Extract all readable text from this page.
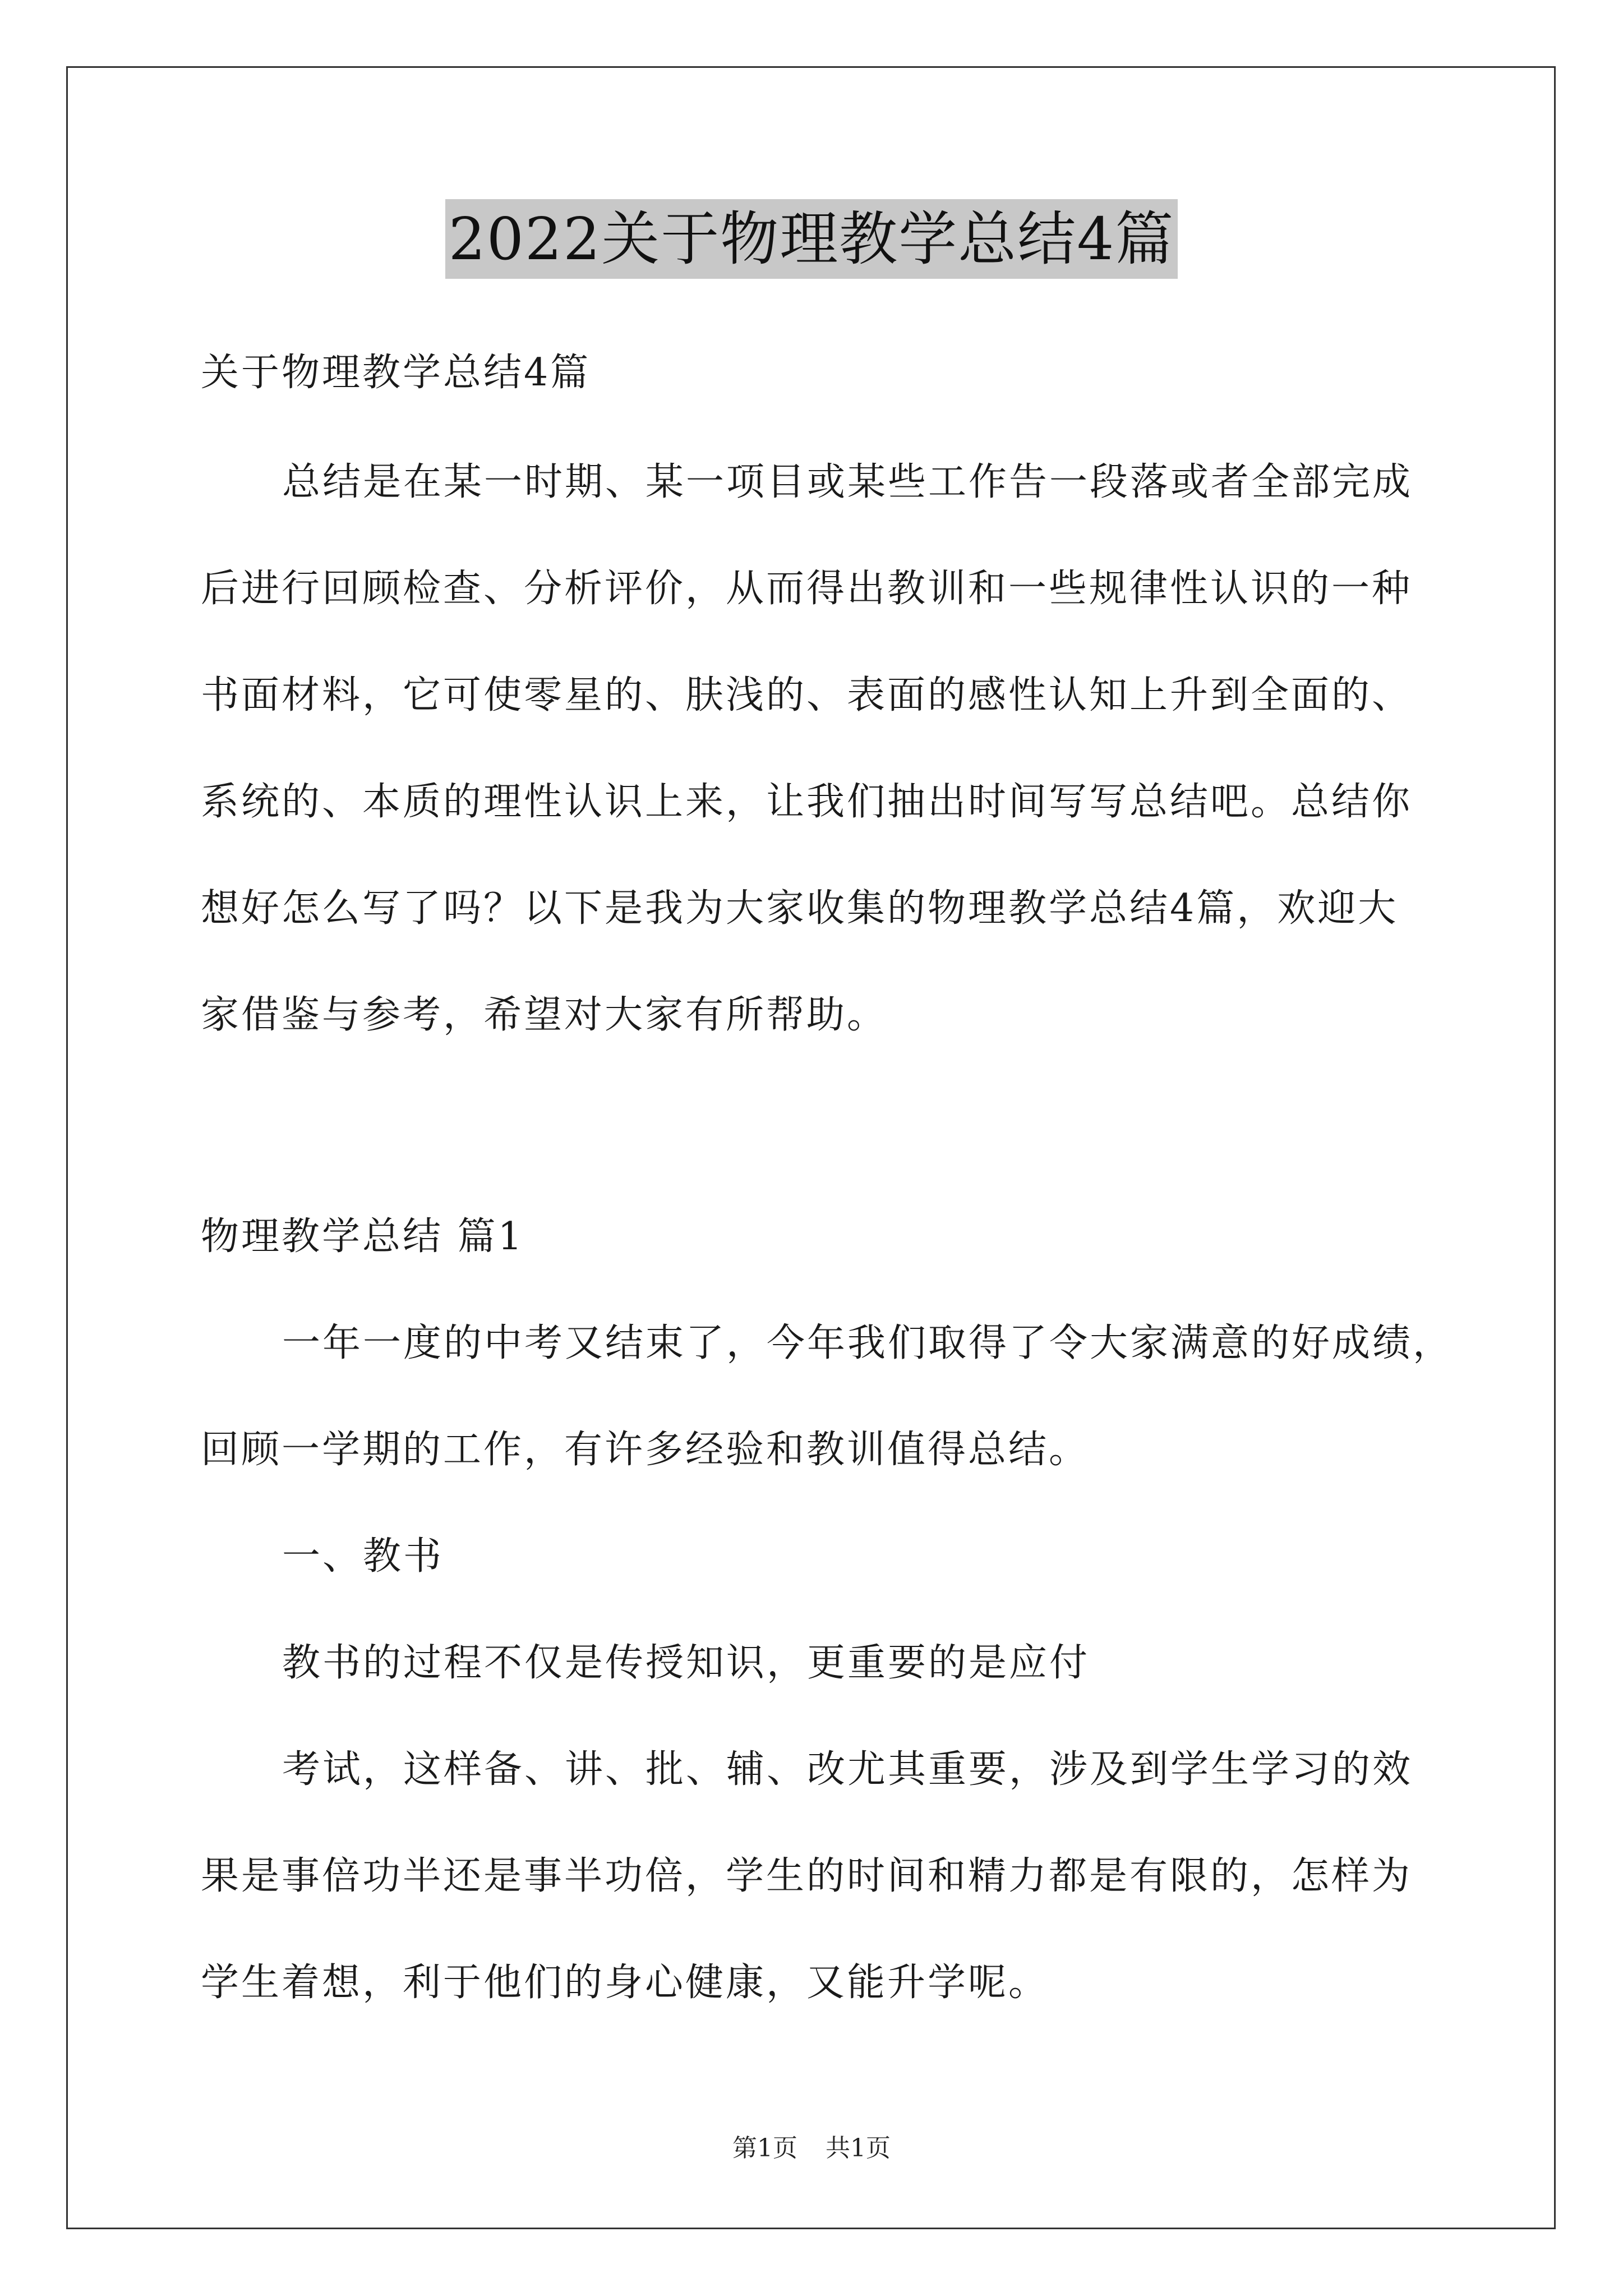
2022关于物理教学总结4篇
关于物理教学总结4篇
总结是在某一时期、某一项目或某些工作告一段落或者全部完成
后进行回顾检查、分析评价，从而得出教训和一些规律性认识的一种
书面材料，它可使零星的、肤浅的、表面的感性认知上升到全面的、
系统的、本质的理性认识上来，让我们抽出时间写写总结吧。总结你
想好怎么写了吗？以下是我为大家收集的物理教学总结4篇，欢迎大
家借鉴与参考，希望对大家有所帮助。
物理教学总结 篇1
一年一度的中考又结束了，今年我们取得了令大家满意的好成绩，
回顾一学期的工作，有许多经验和教训值得总结。
一、教书
教书的过程不仅是传授知识，更重要的是应付
考试，这样备、讲、批、辅、改尤其重要，涉及到学生学习的效
果是事倍功半还是事半功倍，学生的时间和精力都是有限的，怎样为
学生着想，利于他们的身心健康，又能升学呢。
第1页 共1页
